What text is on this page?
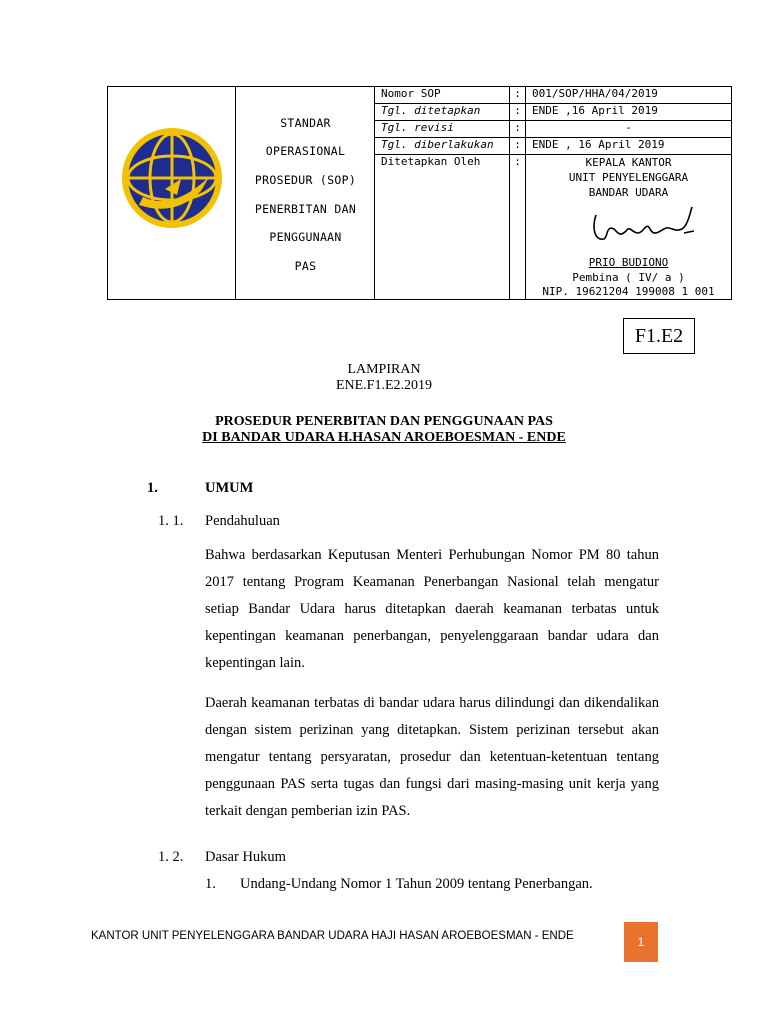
STANDAR
OPERASIONAL
PROSEDUR (SOP)
PENERBITAN DAN
PENGGUNAAN
PAS
Nomor SOP	:	001/SOP/HHA/04/2019
Tgl. ditetapkan	:	ENDE ,16 April 2019
Tgl. revisi	:	-
Tgl. diberlakukan	:	ENDE , 16 April 2019
Ditetapkan Oleh	:	KEPALA KANTOR
UNIT PENYELENGGARA
BANDAR UDARA
PRIO BUDIONO
Pembina ( IV/ a )
NIP. 19621204 199008 1 001
F1.E2
LAMPIRAN
ENE.F1.E2.2019
PROSEDUR PENERBITAN DAN PENGGUNAAN PAS
DI BANDAR UDARA H.HASAN AROEBOESMAN - ENDE
1.	UMUM
1. 1. Pendahuluan
Bahwa berdasarkan Keputusan Menteri Perhubungan Nomor PM 80 tahun 2017 tentang Program Keamanan Penerbangan Nasional telah mengatur setiap Bandar Udara harus ditetapkan daerah keamanan terbatas untuk kepentingan keamanan penerbangan, penyelenggaraan bandar udara dan kepentingan lain.
Daerah keamanan terbatas di bandar udara harus dilindungi dan dikendalikan dengan sistem perizinan yang ditetapkan. Sistem perizinan tersebut akan mengatur tentang persyaratan, prosedur dan ketentuan-ketentuan tentang penggunaan PAS serta tugas dan fungsi dari masing-masing unit kerja yang terkait dengan pemberian izin PAS.
1. 2. Dasar Hukum
1. Undang-Undang Nomor 1 Tahun 2009 tentang Penerbangan.
KANTOR UNIT PENYELENGGARA BANDAR UDARA HAJI HASAN AROEBOESMAN - ENDE	1
